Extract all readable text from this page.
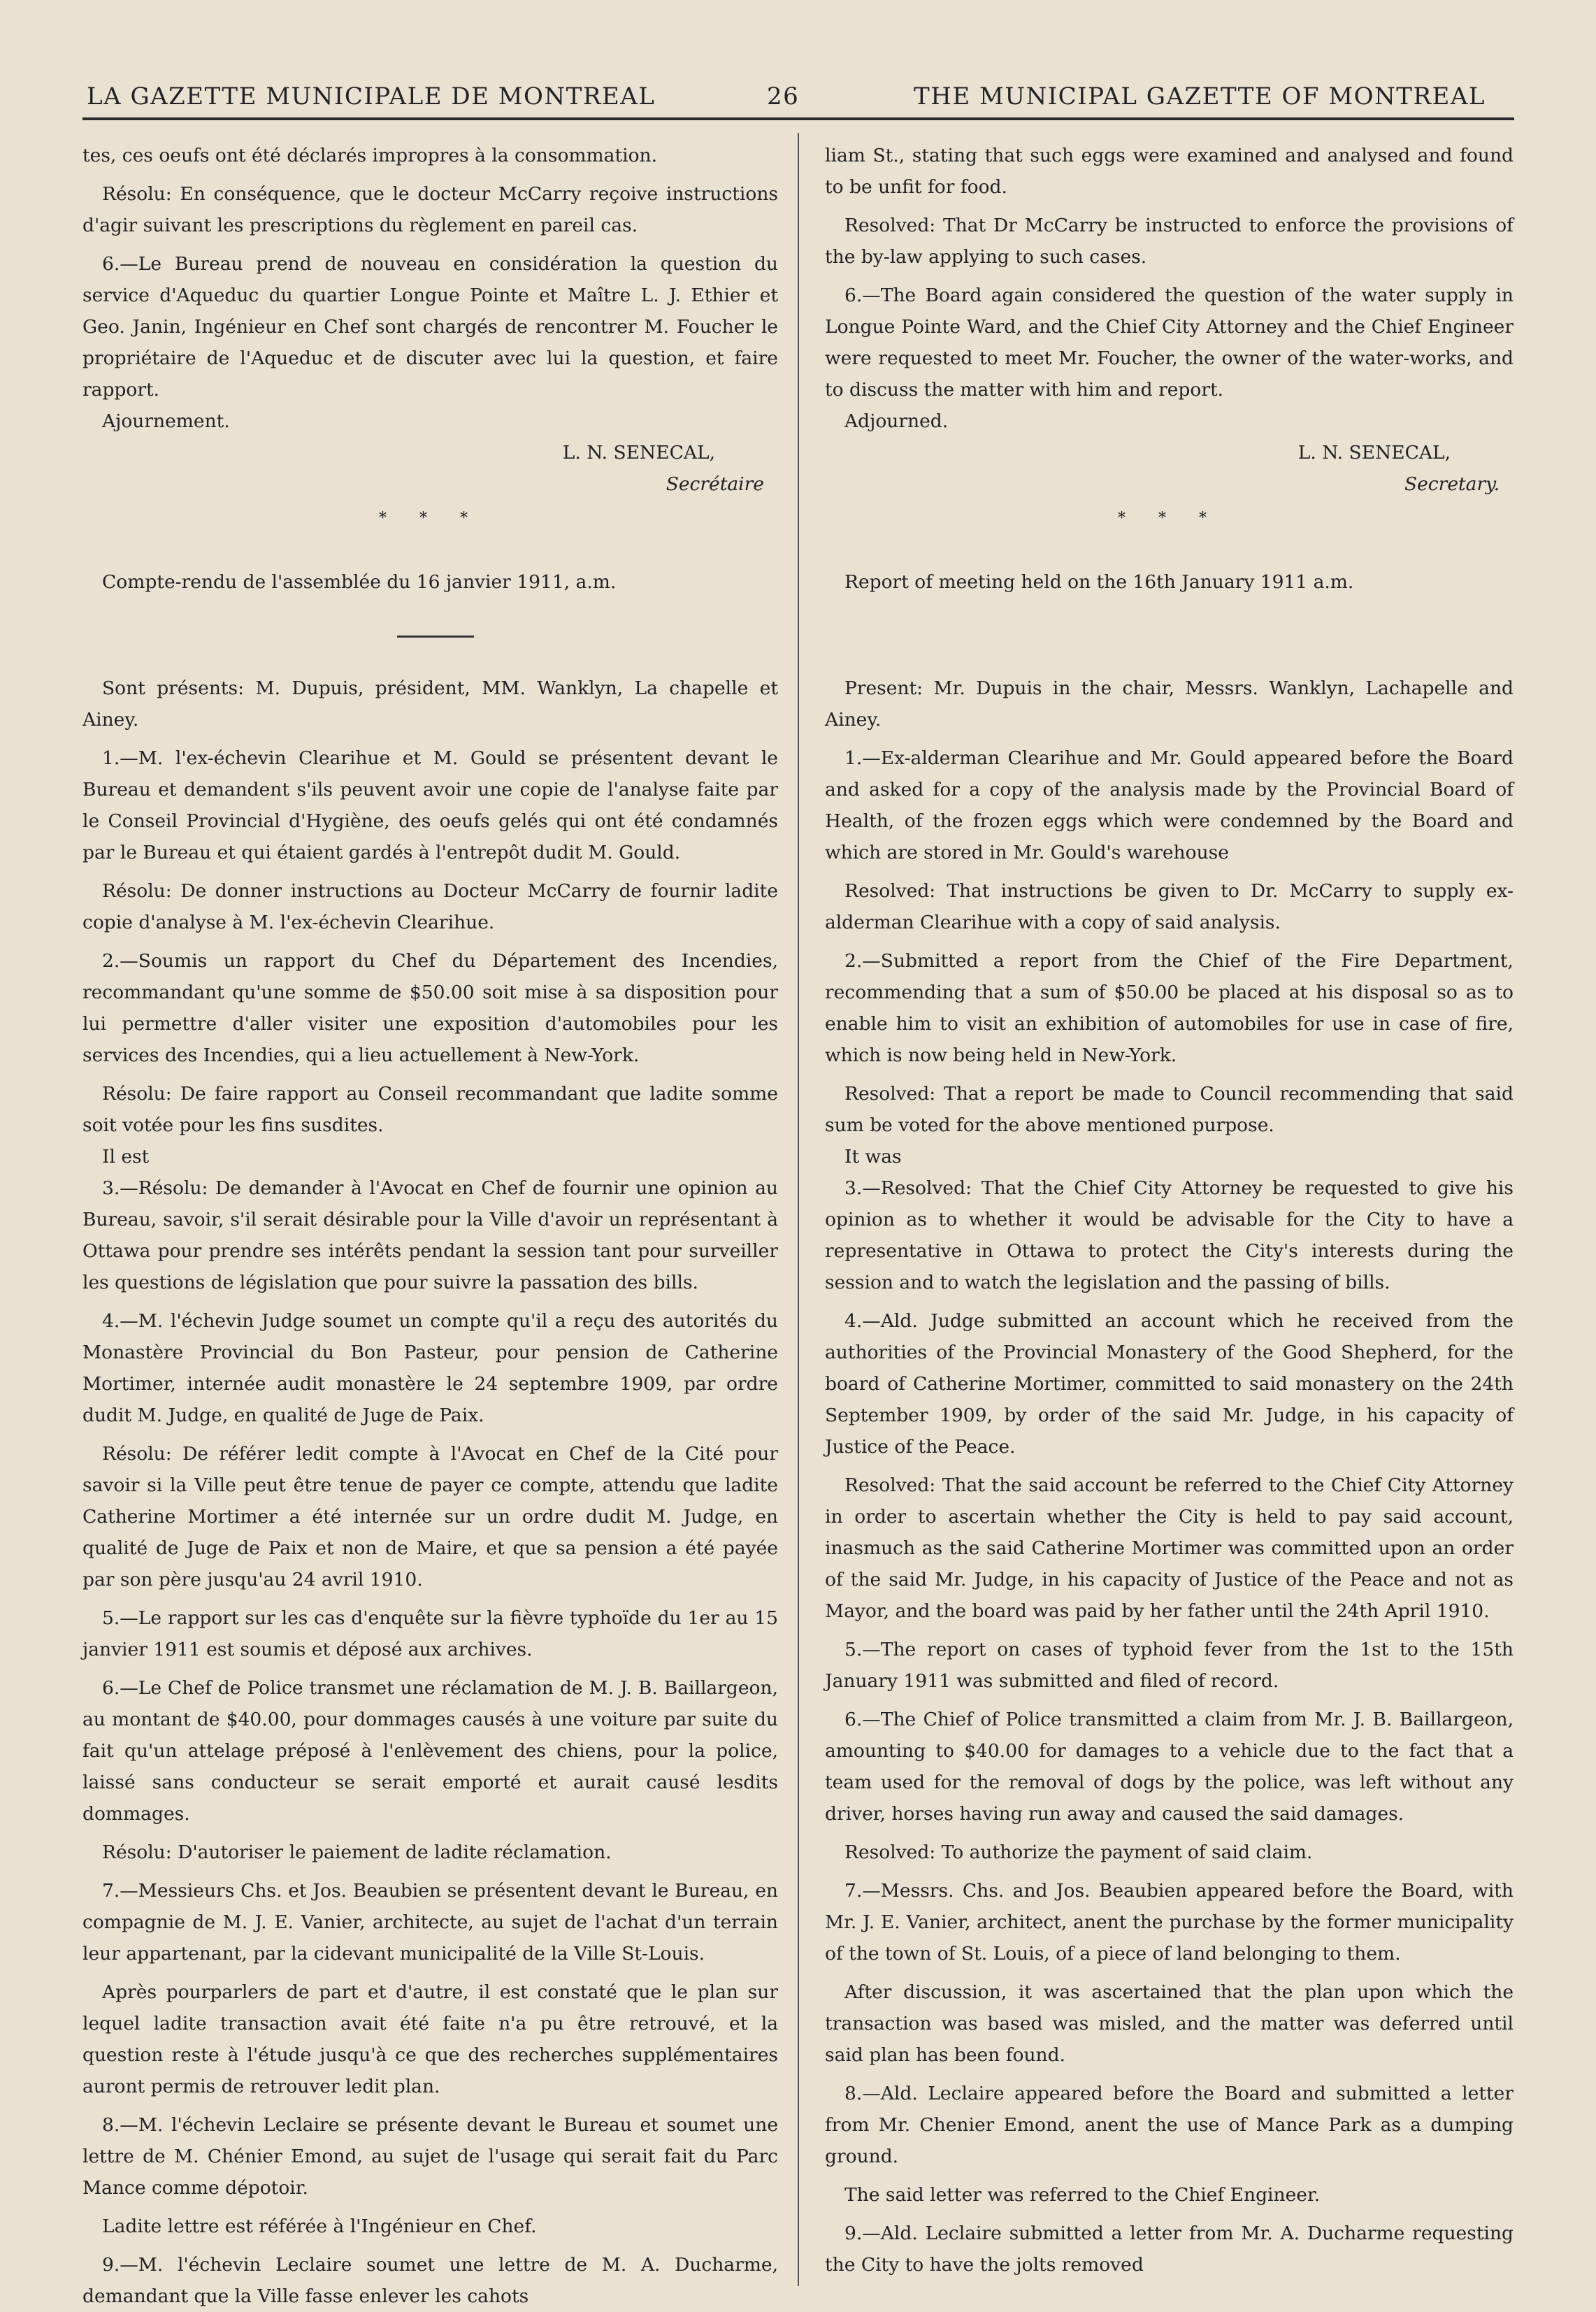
LA GAZETTE MUNICIPALE DE MONTREAL	26	THE MUNICIPAL GAZETTE OF MONTREAL

tes, ces oeufs ont été déclarés impropres à la consommation.

Résolu: En conséquence, que le docteur McCarry reçoive instructions d'agir suivant les prescriptions du règlement en pareil cas.

6.—Le Bureau prend de nouveau en considération la question du service d'Aqueduc du quartier Longue Pointe et Maître L. J. Ethier et Geo. Janin, Ingénieur en Chef sont chargés de rencontrer M. Foucher le propriétaire de l'Aqueduc et de discuter avec lui la question, et faire rapport.

Ajournement.

L. N. SENECAL,

Secrétaire

* * *

Compte-rendu de l'assemblée du 16 janvier 1911, a.m.

Sont présents: M. Dupuis, président, MM. Wanklyn, La chapelle et Ainey.

1.—M. l'ex-échevin Clearihue et M. Gould se présentent devant le Bureau et demandent s'ils peuvent avoir une copie de l'analyse faite par le Conseil Provincial d'Hygiène, des oeufs gelés qui ont été condamnés par le Bureau et qui étaient gardés à l'entrepôt dudit M. Gould.

Résolu: De donner instructions au Docteur McCarry de fournir ladite copie d'analyse à M. l'ex-échevin Clearihue.

2.—Soumis un rapport du Chef du Département des Incendies, recommandant qu'une somme de $50.00 soit mise à sa disposition pour lui permettre d'aller visiter une exposition d'automobiles pour les services des Incendies, qui a lieu actuellement à New-York.

Résolu: De faire rapport au Conseil recommandant que ladite somme soit votée pour les fins susdites.

Il est

3.—Résolu: De demander à l'Avocat en Chef de fournir une opinion au Bureau, savoir, s'il serait désirable pour la Ville d'avoir un représentant à Ottawa pour prendre ses intérêts pendant la session tant pour surveiller les questions de législation que pour suivre la passation des bills.

4.—M. l'échevin Judge soumet un compte qu'il a reçu des autorités du Monastère Provincial du Bon Pasteur, pour pension de Catherine Mortimer, internée audit monastère le 24 septembre 1909, par ordre dudit M. Judge, en qualité de Juge de Paix.

Résolu: De référer ledit compte à l'Avocat en Chef de la Cité pour savoir si la Ville peut être tenue de payer ce compte, attendu que ladite Catherine Mortimer a été internée sur un ordre dudit M. Judge, en qualité de Juge de Paix et non de Maire, et que sa pension a été payée par son père jusqu'au 24 avril 1910.

5.—Le rapport sur les cas d'enquête sur la fièvre typhoïde du 1er au 15 janvier 1911 est soumis et déposé aux archives.

6.—Le Chef de Police transmet une réclamation de M. J. B. Baillargeon, au montant de $40.00, pour dommages causés à une voiture par suite du fait qu'un attelage préposé à l'enlèvement des chiens, pour la police, laissé sans conducteur se serait emporté et aurait causé lesdits dommages.

Résolu: D'autoriser le paiement de ladite réclamation.

7.—Messieurs Chs. et Jos. Beaubien se présentent devant le Bureau, en compagnie de M. J. E. Vanier, architecte, au sujet de l'achat d'un terrain leur appartenant, par la cidevant municipalité de la Ville St-Louis.

Après pourparlers de part et d'autre, il est constaté que le plan sur lequel ladite transaction avait été faite n'a pu être retrouvé, et la question reste à l'étude jusqu'à ce que des recherches supplémentaires auront permis de retrouver ledit plan.

8.—M. l'échevin Leclaire se présente devant le Bureau et soumet une lettre de M. Chénier Emond, au sujet de l'usage qui serait fait du Parc Mance comme dépotoir.

Ladite lettre est référée à l'Ingénieur en Chef.

9.—M. l'échevin Leclaire soumet une lettre de M. A. Ducharme, demandant que la Ville fasse enlever les cahots

liam St., stating that such eggs were examined and analysed and found to be unfit for food.

Resolved: That Dr McCarry be instructed to enforce the provisions of the by-law applying to such cases.

6.—The Board again considered the question of the water supply in Longue Pointe Ward, and the Chief City Attorney and the Chief Engineer were requested to meet Mr. Foucher, the owner of the water-works, and to discuss the matter with him and report.

Adjourned.

L. N. SENECAL,

Secretary.

* * *

Report of meeting held on the 16th January 1911 a.m.

Present: Mr. Dupuis in the chair, Messrs. Wanklyn, Lachapelle and Ainey.

1.—Ex-alderman Clearihue and Mr. Gould appeared before the Board and asked for a copy of the analysis made by the Provincial Board of Health, of the frozen eggs which were condemned by the Board and which are stored in Mr. Gould's warehouse

Resolved: That instructions be given to Dr. McCarry to supply ex-alderman Clearihue with a copy of said analysis.

2.—Submitted a report from the Chief of the Fire Department, recommending that a sum of $50.00 be placed at his disposal so as to enable him to visit an exhibition of automobiles for use in case of fire, which is now being held in New-York.

Resolved: That a report be made to Council recommending that said sum be voted for the above mentioned purpose.

It was

3.—Resolved: That the Chief City Attorney be requested to give his opinion as to whether it would be advisable for the City to have a representative in Ottawa to protect the City's interests during the session and to watch the legislation and the passing of bills.

4.—Ald. Judge submitted an account which he received from the authorities of the Provincial Monastery of the Good Shepherd, for the board of Catherine Mortimer, committed to said monastery on the 24th September 1909, by order of the said Mr. Judge, in his capacity of Justice of the Peace.

Resolved: That the said account be referred to the Chief City Attorney in order to ascertain whether the City is held to pay said account, inasmuch as the said Catherine Mortimer was committed upon an order of the said Mr. Judge, in his capacity of Justice of the Peace and not as Mayor, and the board was paid by her father until the 24th April 1910.

5.—The report on cases of typhoid fever from the 1st to the 15th January 1911 was submitted and filed of record.

6.—The Chief of Police transmitted a claim from Mr. J. B. Baillargeon, amounting to $40.00 for damages to a vehicle due to the fact that a team used for the removal of dogs by the police, was left without any driver, horses having run away and caused the said damages.

Resolved: To authorize the payment of said claim.

7.—Messrs. Chs. and Jos. Beaubien appeared before the Board, with Mr. J. E. Vanier, architect, anent the purchase by the former municipality of the town of St. Louis, of a piece of land belonging to them.

After discussion, it was ascertained that the plan upon which the transaction was based was misled, and the matter was deferred until said plan has been found.

8.—Ald. Leclaire appeared before the Board and submitted a letter from Mr. Chenier Emond, anent the use of Mance Park as a dumping ground.

The said letter was referred to the Chief Engineer.

9.—Ald. Leclaire submitted a letter from Mr. A. Ducharme requesting the City to have the jolts removed
